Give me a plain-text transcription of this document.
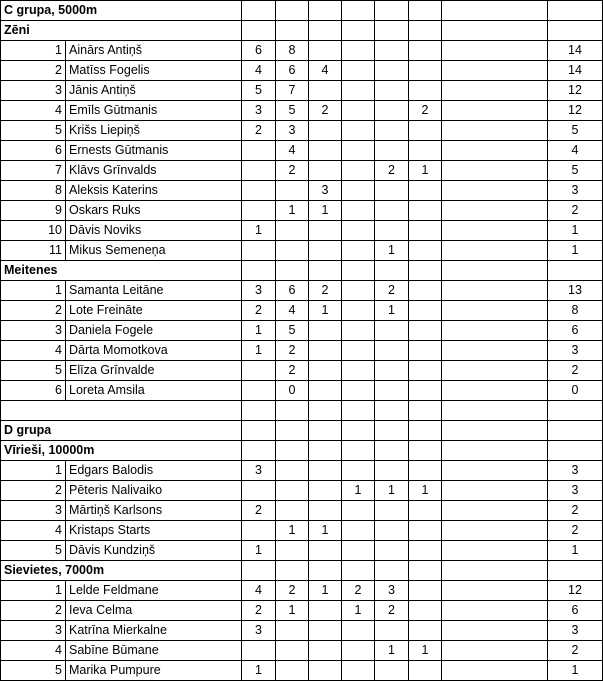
C grupa, 5000m									
Zēni									
1	Ainārs Antiņš	6	8						14
2	Matīss Fogelis	4	6	4					14
3	Jānis Antiņš	5	7						12
4	Emīls Gūtmanis	3	5	2			2		12
5	Krišs Liepiņš	2	3						5
6	Ernests Gūtmanis		4						4
7	Klāvs Grīnvalds		2			2	1		5
8	Aleksis Katerins			3					3
9	Oskars Ruks		1	1					2
10	Dāvis Noviks	1							1
11	Mikus Semeneņa					1			1
Meitenes									
1	Samanta Leitāne	3	6	2		2			13
2	Lote Freināte	2	4	1		1			8
3	Daniela Fogele	1	5						6
4	Dārta Momotkova	1	2						3
5	Elīza Grīnvalde		2						2
6	Loreta Amsila		0						0

D grupa									
Vīrieši, 10000m									
1	Edgars Balodis	3							3
2	Pēteris Nalivaiko				1	1	1		3
3	Mārtiņš Karlsons	2							2
4	Kristaps Starts		1	1					2
5	Dāvis Kundziņš	1							1
Sievietes, 7000m									
1	Lelde Feldmane	4	2	1	2	3			12
2	Ieva Celma	2	1		1	2			6
3	Katrīna Mierkalne	3							3
4	Sabīne Būmane					1	1		2
5	Marika Pumpure	1							1
